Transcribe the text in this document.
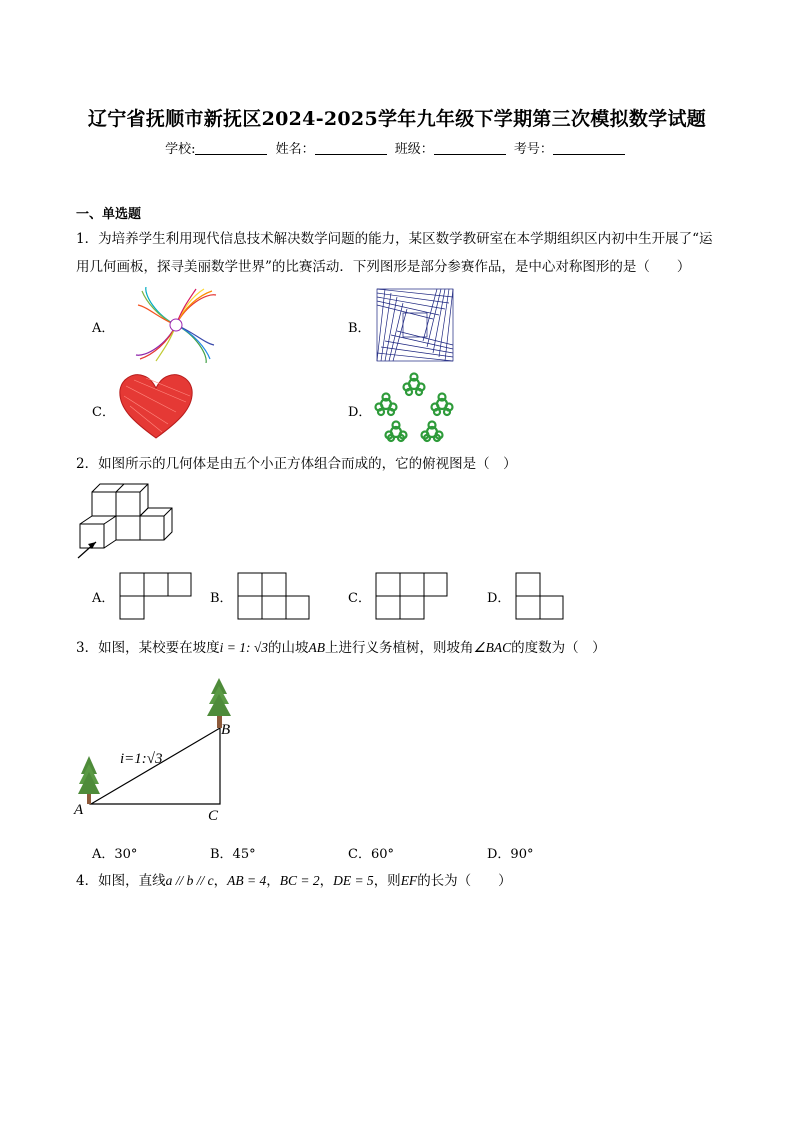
辽宁省抚顺市新抚区2024-2025学年九年级下学期第三次模拟数学试题
学校:	姓名：	班级：	考号：
一、单选题
1．为培养学生利用现代信息技术解决数学问题的能力，某区数学教研室在本学期组织区内初中生开展了“运
用几何画板，探寻美丽数学世界”的比赛活动．下列图形是部分参赛作品，是中心对称图形的是（　　）
A．	B．
C．	D．
2．如图所示的几何体是由五个小正方体组合而成的，它的俯视图是（　）
A．	B．	C．	D．
3．如图，某校要在坡度i = 1: √3的山坡AB上进行义务植树，则坡角∠BAC的度数为（　）
i=1:√3
A
B
C
A．30°	B．45°	C．60°	D．90°
4．如图，直线a // b // c，AB = 4，BC = 2，DE = 5，则EF的长为（　　）
